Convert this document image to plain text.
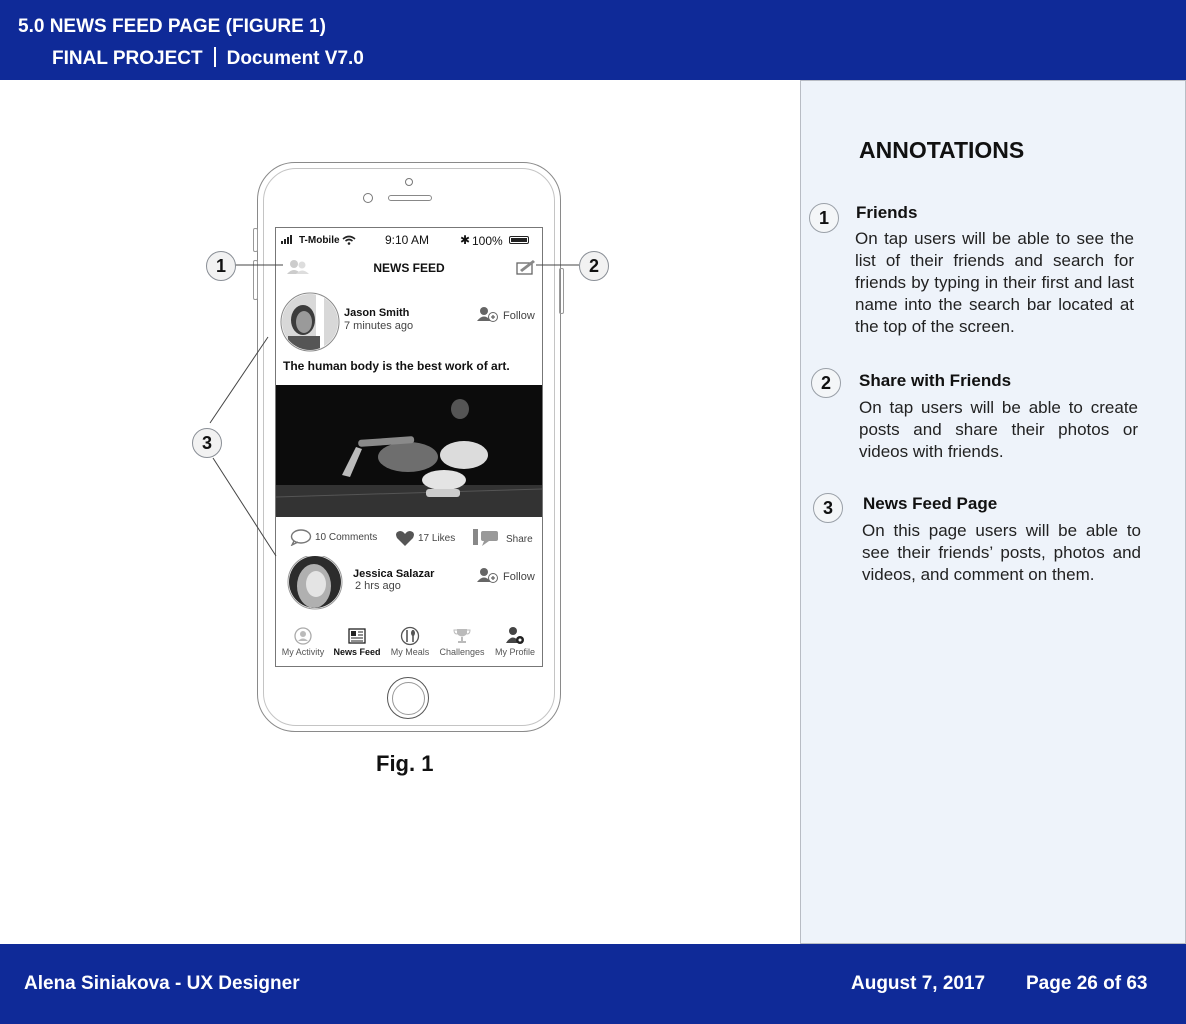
5.0 NEWS FEED PAGE (FIGURE 1)
FINAL PROJECT Document V7.0
T-Mobile	9:10 AM	✱ 100%
NEWS FEED
Jason Smith
7 minutes ago
Follow
The human body is the best work of art.
10 Comments	17 Likes	Share
Jessica Salazar
2 hrs ago
Follow
My Activity	News Feed	My Meals	Challenges	My Profile
1	2
3
Fig. 1
ANNOTATIONS
1	Friends
On tap users will be able to see the list of their friends and search for friends by typing in their first and last name into the search bar located at the top of the screen.
2	Share with Friends
On tap users will be able to create posts and share their photos or videos with friends.
3	News Feed Page
On this page users will be able to see their friends’ posts, photos and videos, and comment on them.
Alena Siniakova - UX Designer	August 7, 2017 Page 26 of 63
